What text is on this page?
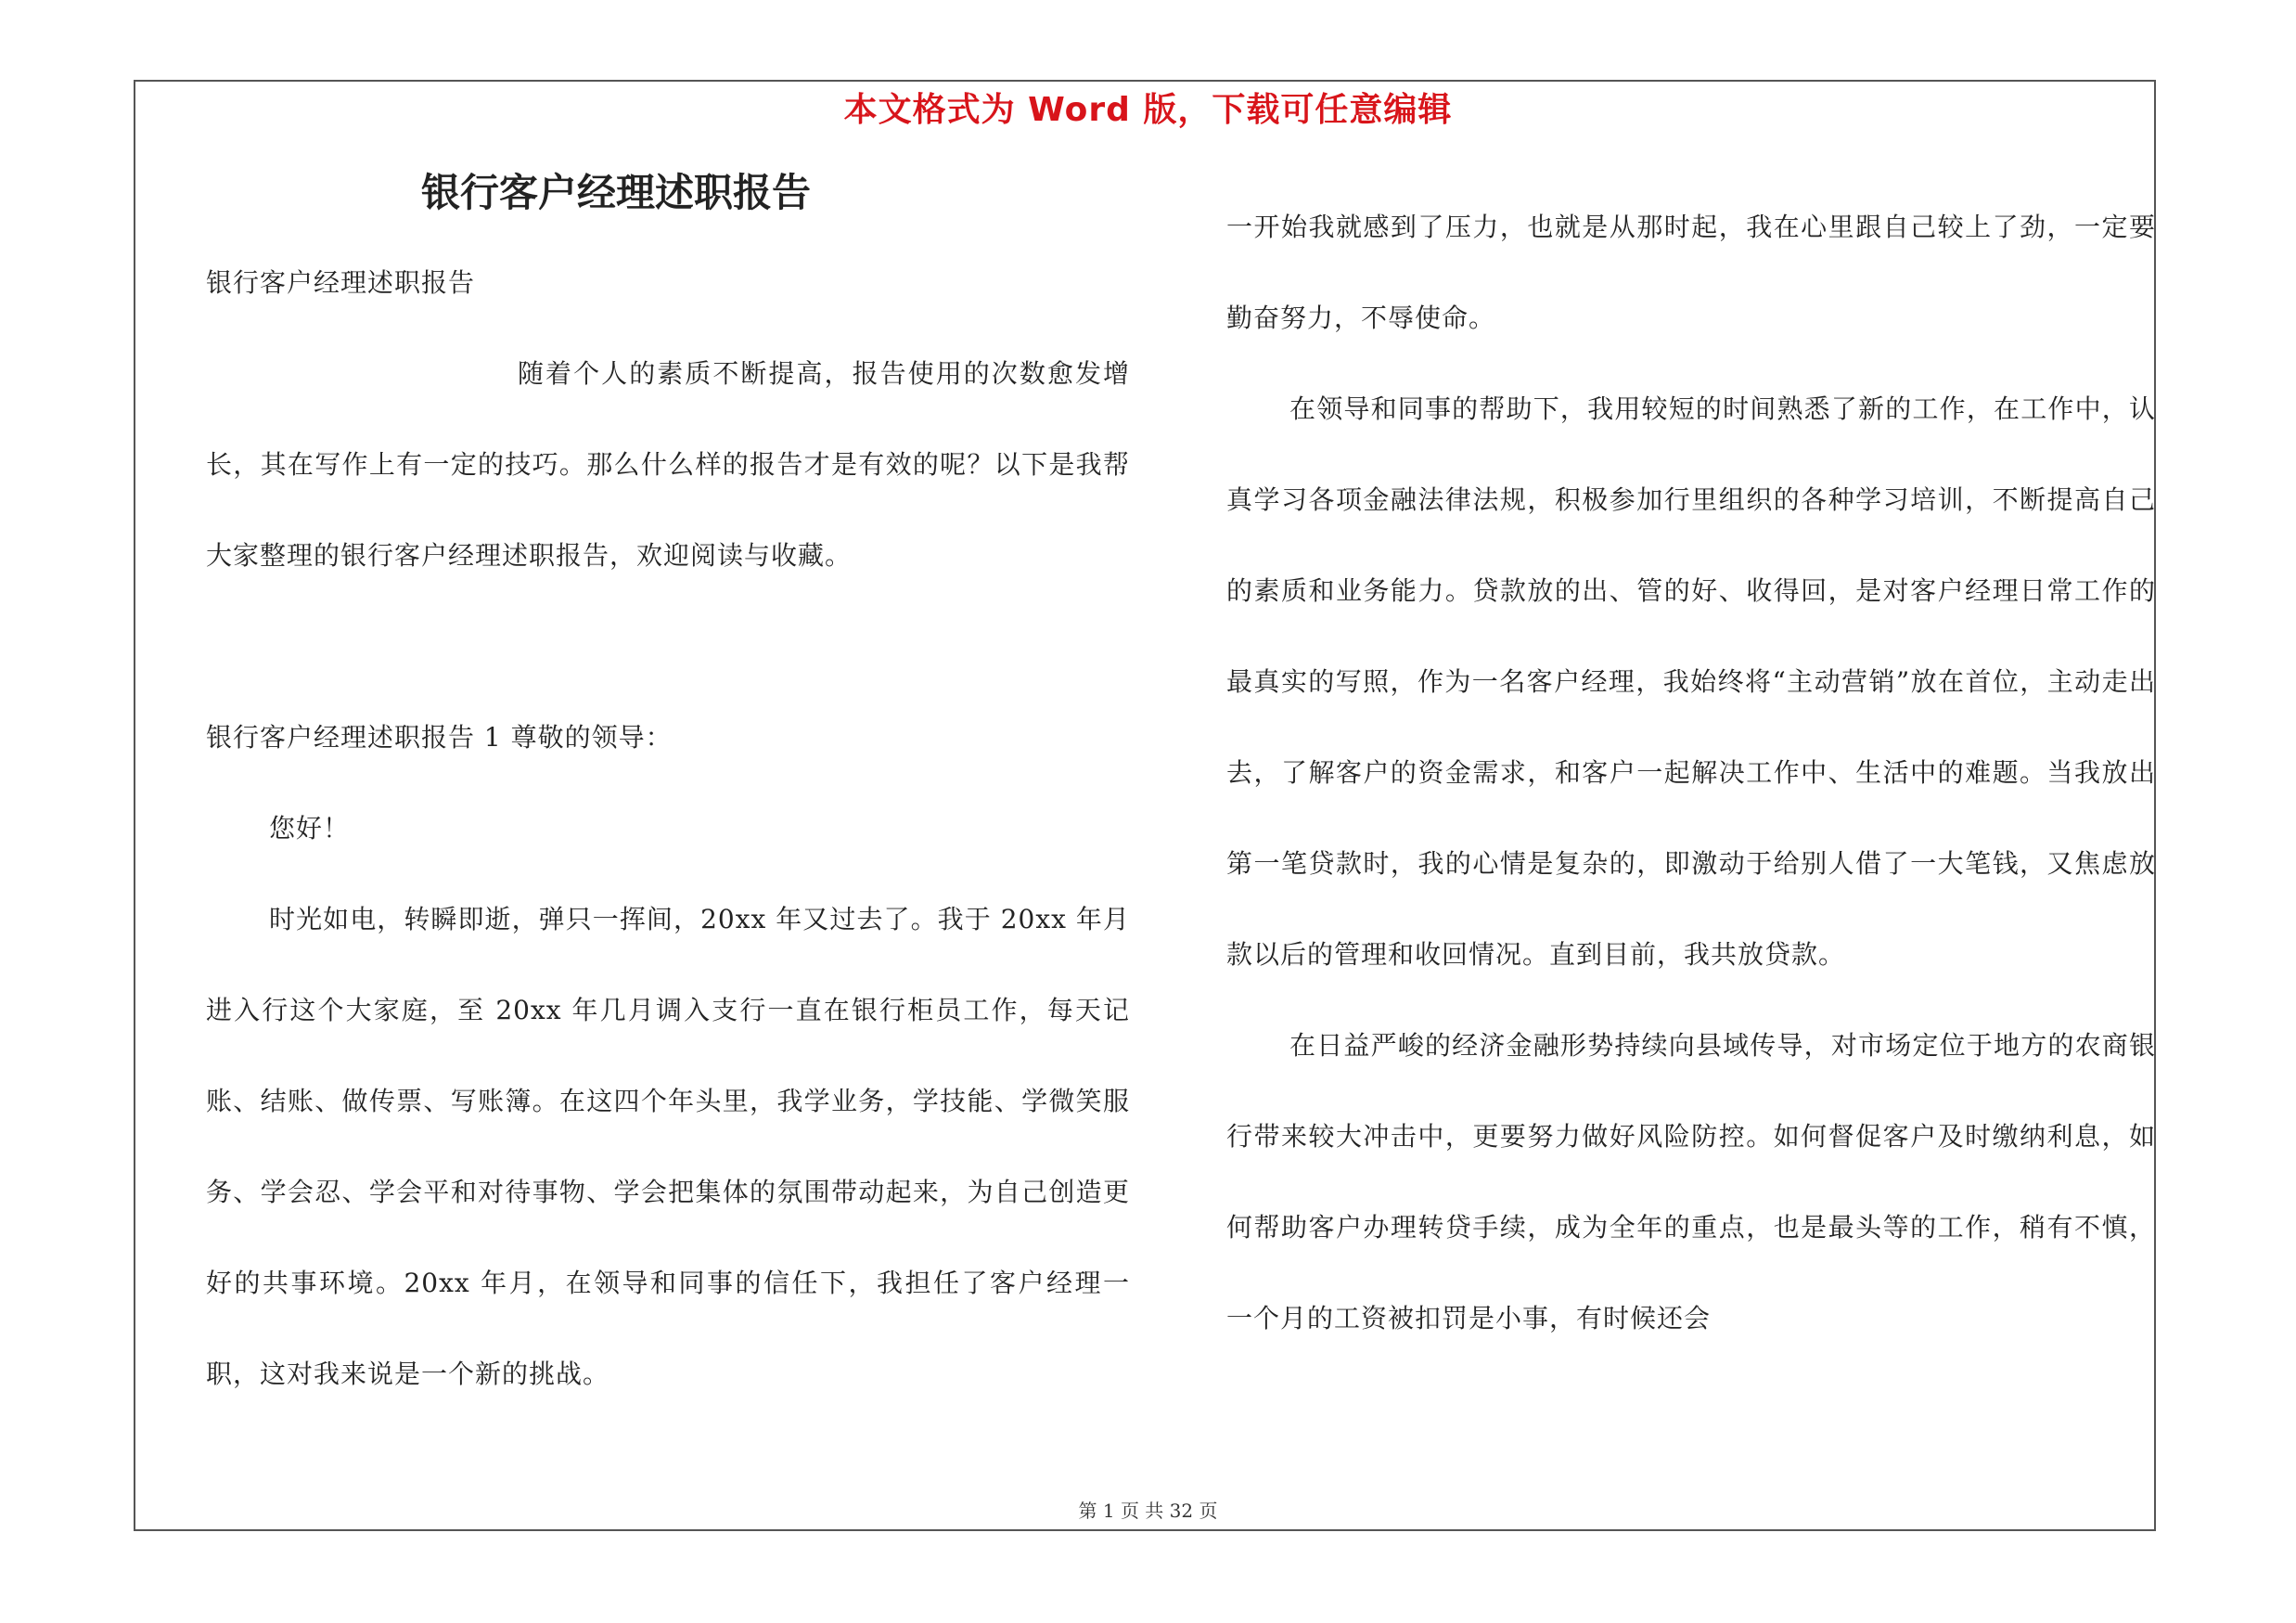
本文格式为 Word 版，下载可任意编辑
银行客户经理述职报告

银行客户经理述职报告

随着个人的素质不断提高，报告使用的次数愈发增长，其在写作上有一定的技巧。那么什么样的报告才是有效的呢？以下是我帮大家整理的银行客户经理述职报告，欢迎阅读与收藏。

银行客户经理述职报告 1 尊敬的领导：

您好！

时光如电，转瞬即逝，弹只一挥间，20xx 年又过去了。我于 20xx 年月进入行这个大家庭，至 20xx 年几月调入支行一直在银行柜员工作，每天记账、结账、做传票、写账簿。在这四个年头里，我学业务，学技能、学微笑服务、学会忍、学会平和对待事物、学会把集体的氛围带动起来，为自己创造更好的共事环境。20xx 年月，在领导和同事的信任下，我担任了客户经理一职，这对我来说是一个新的挑战。

一开始我就感到了压力，也就是从那时起，我在心里跟自己较上了劲，一定要勤奋努力，不辱使命。

在领导和同事的帮助下，我用较短的时间熟悉了新的工作，在工作中，认真学习各项金融法律法规，积极参加行里组织的各种学习培训，不断提高自己的素质和业务能力。贷款放的出、管的好、收得回，是对客户经理日常工作的最真实的写照，作为一名客户经理，我始终将“主动营销”放在首位，主动走出去，了解客户的资金需求，和客户一起解决工作中、生活中的难题。当我放出第一笔贷款时，我的心情是复杂的，即激动于给别人借了一大笔钱，又焦虑放款以后的管理和收回情况。直到目前，我共放贷款。

在日益严峻的经济金融形势持续向县域传导，对市场定位于地方的农商银行带来较大冲击中，更要努力做好风险防控。如何督促客户及时缴纳利息，如何帮助客户办理转贷手续，成为全年的重点，也是最头等的工作，稍有不慎，一个月的工资被扣罚是小事，有时候还会

第 1 页 共 32 页
